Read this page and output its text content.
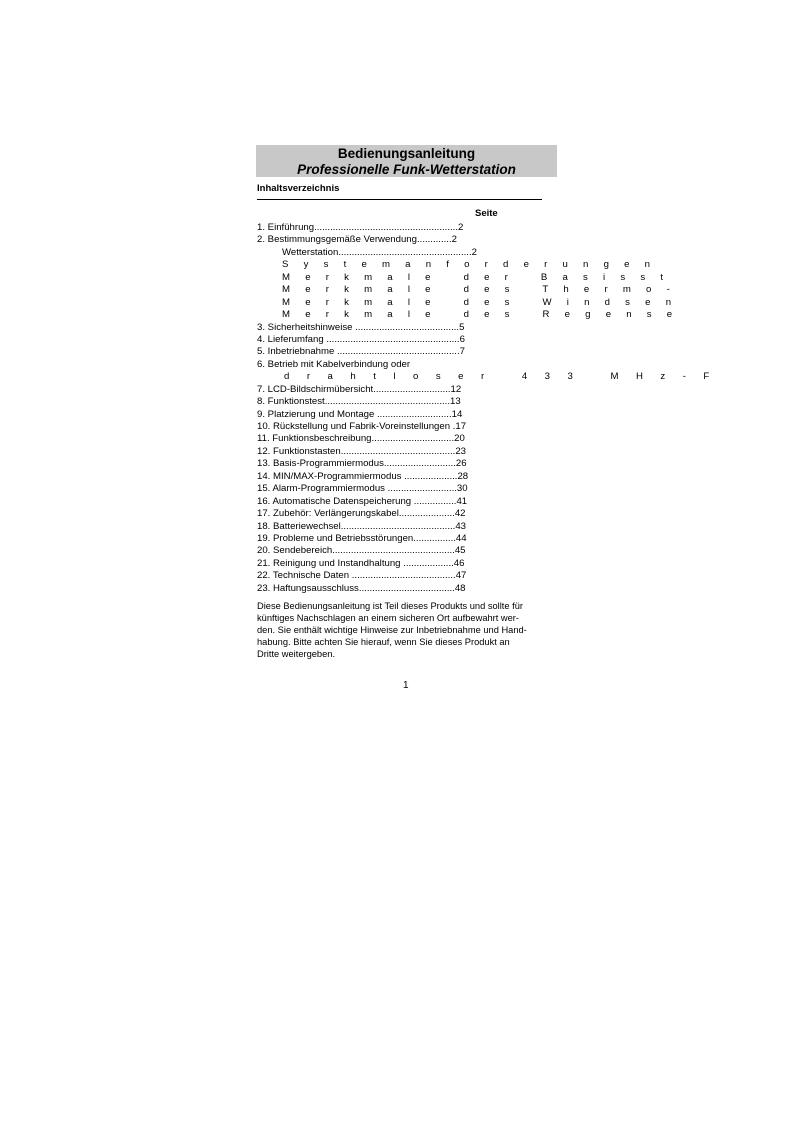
Bedienungsanleitung
Professionelle Funk-Wetterstation
Inhaltsverzeichnis
Seite
1. Einführung......................................................2
2. Bestimmungsgemäße Verwendung.............2
Wetterstation..................................................2
Systemanforderungen
Merkmale der Basisst
Merkmale des Thermo-
Merkmale des Windsen
Merkmale des Regense
3. Sicherheitshinweise .......................................5
4. Lieferumfang ..................................................6
5. Inbetriebnahme ..............................................7
6. Betrieb mit Kabelverbindung oder
drahtloser 433 MHz-F
7. LCD-Bildschirmübersicht.............................12
8. Funktionstest...............................................13
9. Platzierung und Montage ............................14
10. Rückstellung und Fabrik-Voreinstellungen .17
11. Funktionsbeschreibung...............................20
12. Funktionstasten...........................................23
13. Basis-Programmiermodus...........................26
14. MIN/MAX-Programmiermodus ....................28
15. Alarm-Programmiermodus ..........................30
16. Automatische Datenspeicherung ................41
17. Zubehör: Verlängerungskabel.....................42
18. Batteriewechsel...........................................43
19. Probleme und Betriebsstörungen................44
20. Sendebereich..............................................45
21. Reinigung und Instandhaltung ...................46
22. Technische Daten .......................................47
23. Haftungsausschluss....................................48
Diese Bedienungsanleitung ist Teil dieses Produkts und sollte für
künftiges Nachschlagen an einem sicheren Ort aufbewahrt wer-
den. Sie enthält wichtige Hinweise zur Inbetriebnahme und Hand-
habung. Bitte achten Sie hierauf, wenn Sie dieses Produkt an
Dritte weitergeben.
1
